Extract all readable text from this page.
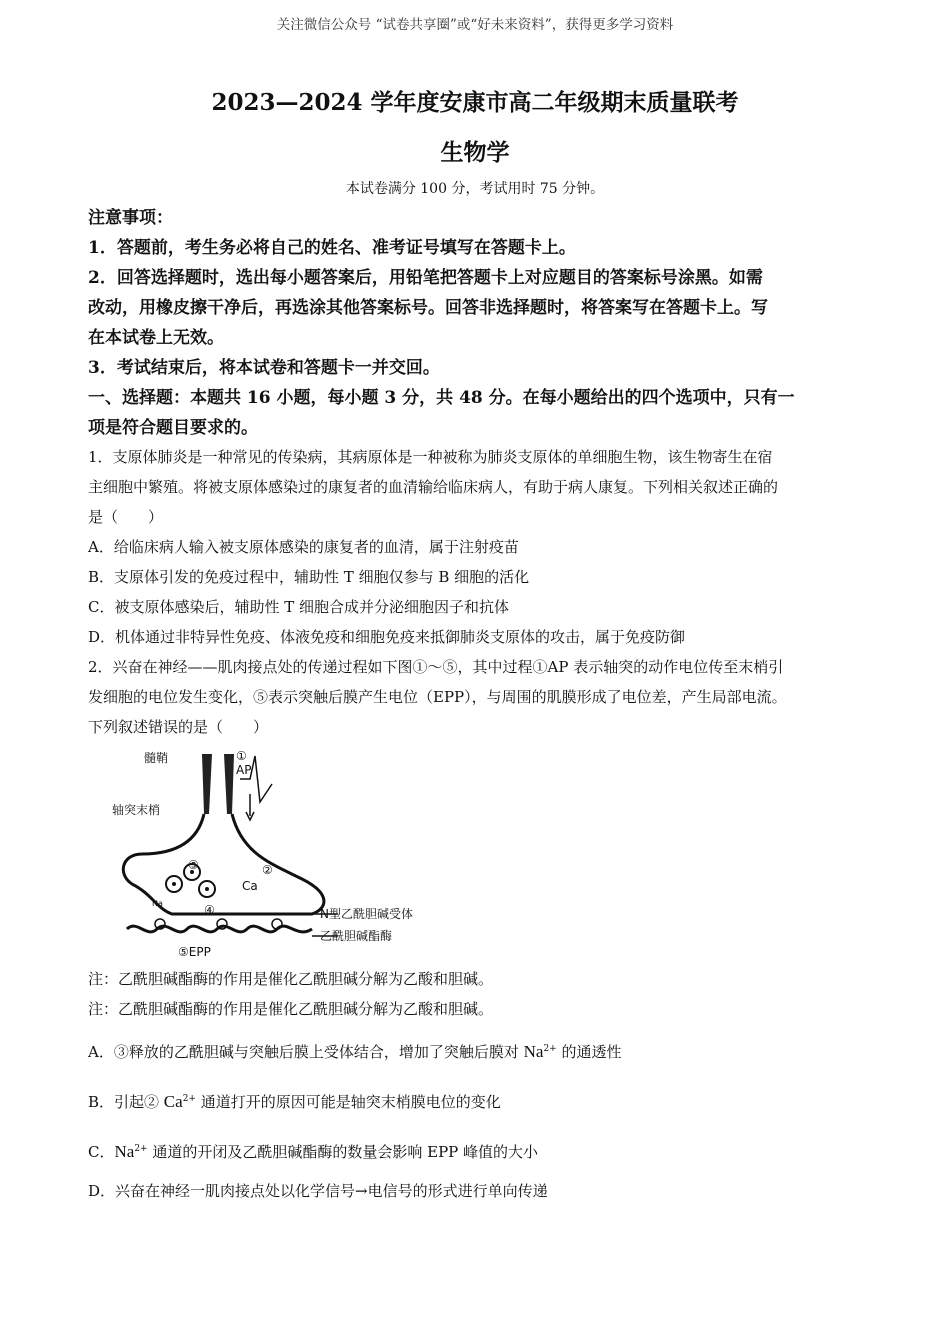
关注微信公众号 “试卷共享圈”或“好未来资料”，获得更多学习资料
2023—2024 学年度安康市高二年级期末质量联考
生物学
本试卷满分 100 分，考试用时 75 分钟。
注意事项：
1．答题前，考生务必将自己的姓名、准考证号填写在答题卡上。
2．回答选择题时，选出每小题答案后，用铅笔把答题卡上对应题目的答案标号涂黑。如需
改动，用橡皮擦干净后，再选涂其他答案标号。回答非选择题时，将答案写在答题卡上。写
在本试卷上无效。
3．考试结束后，将本试卷和答题卡一并交回。
一、选择题：本题共 16 小题，每小题 3 分，共 48 分。在每小题给出的四个选项中，只有一
项是符合题目要求的。
1．支原体肺炎是一种常见的传染病，其病原体是一种被称为肺炎支原体的单细胞生物，该生物寄生在宿
主细胞中繁殖。将被支原体感染过的康复者的血清输给临床病人，有助于病人康复。下列相关叙述正确的
是（　　）
A．给临床病人输入被支原体感染的康复者的血清，属于注射疫苗
B．支原体引发的免疫过程中，辅助性 T 细胞仅参与 B 细胞的活化
C．被支原体感染后，辅助性 T 细胞合成并分泌细胞因子和抗体
D．机体通过非特异性免疫、体液免疫和细胞免疫来抵御肺炎支原体的攻击，属于免疫防御
2．兴奋在神经——肌肉接点处的传递过程如下图①～⑤，其中过程①AP 表示轴突的动作电位传至末梢引
发细胞的电位发生变化，⑤表示突触后膜产生电位（EPP），与周围的肌膜形成了电位差，产生局部电流。
下列叙述错误的是（　　）
髓鞘	①
AP
轴突末梢
③	②
Ca
④
Na
N型乙酰胆碱受体
乙酰胆碱酯酶
⑤EPP
注：乙酰胆碱酯酶的作用是催化乙酰胆碱分解为乙酸和胆碱。
注：乙酰胆碱酯酶的作用是催化乙酰胆碱分解为乙酸和胆碱。
A．③释放的乙酰胆碱与突触后膜上受体结合，增加了突触后膜对 $Na^{2+}$ 的通透性
B．引起② $Ca^{2+}$ 通道打开的原因可能是轴突末梢膜电位的变化
C．$Na^{2+}$ 通道的开闭及乙酰胆碱酯酶的数量会影响 EPP 峰值的大小
D．兴奋在神经一肌肉接点处以化学信号→电信号的形式进行单向传递
